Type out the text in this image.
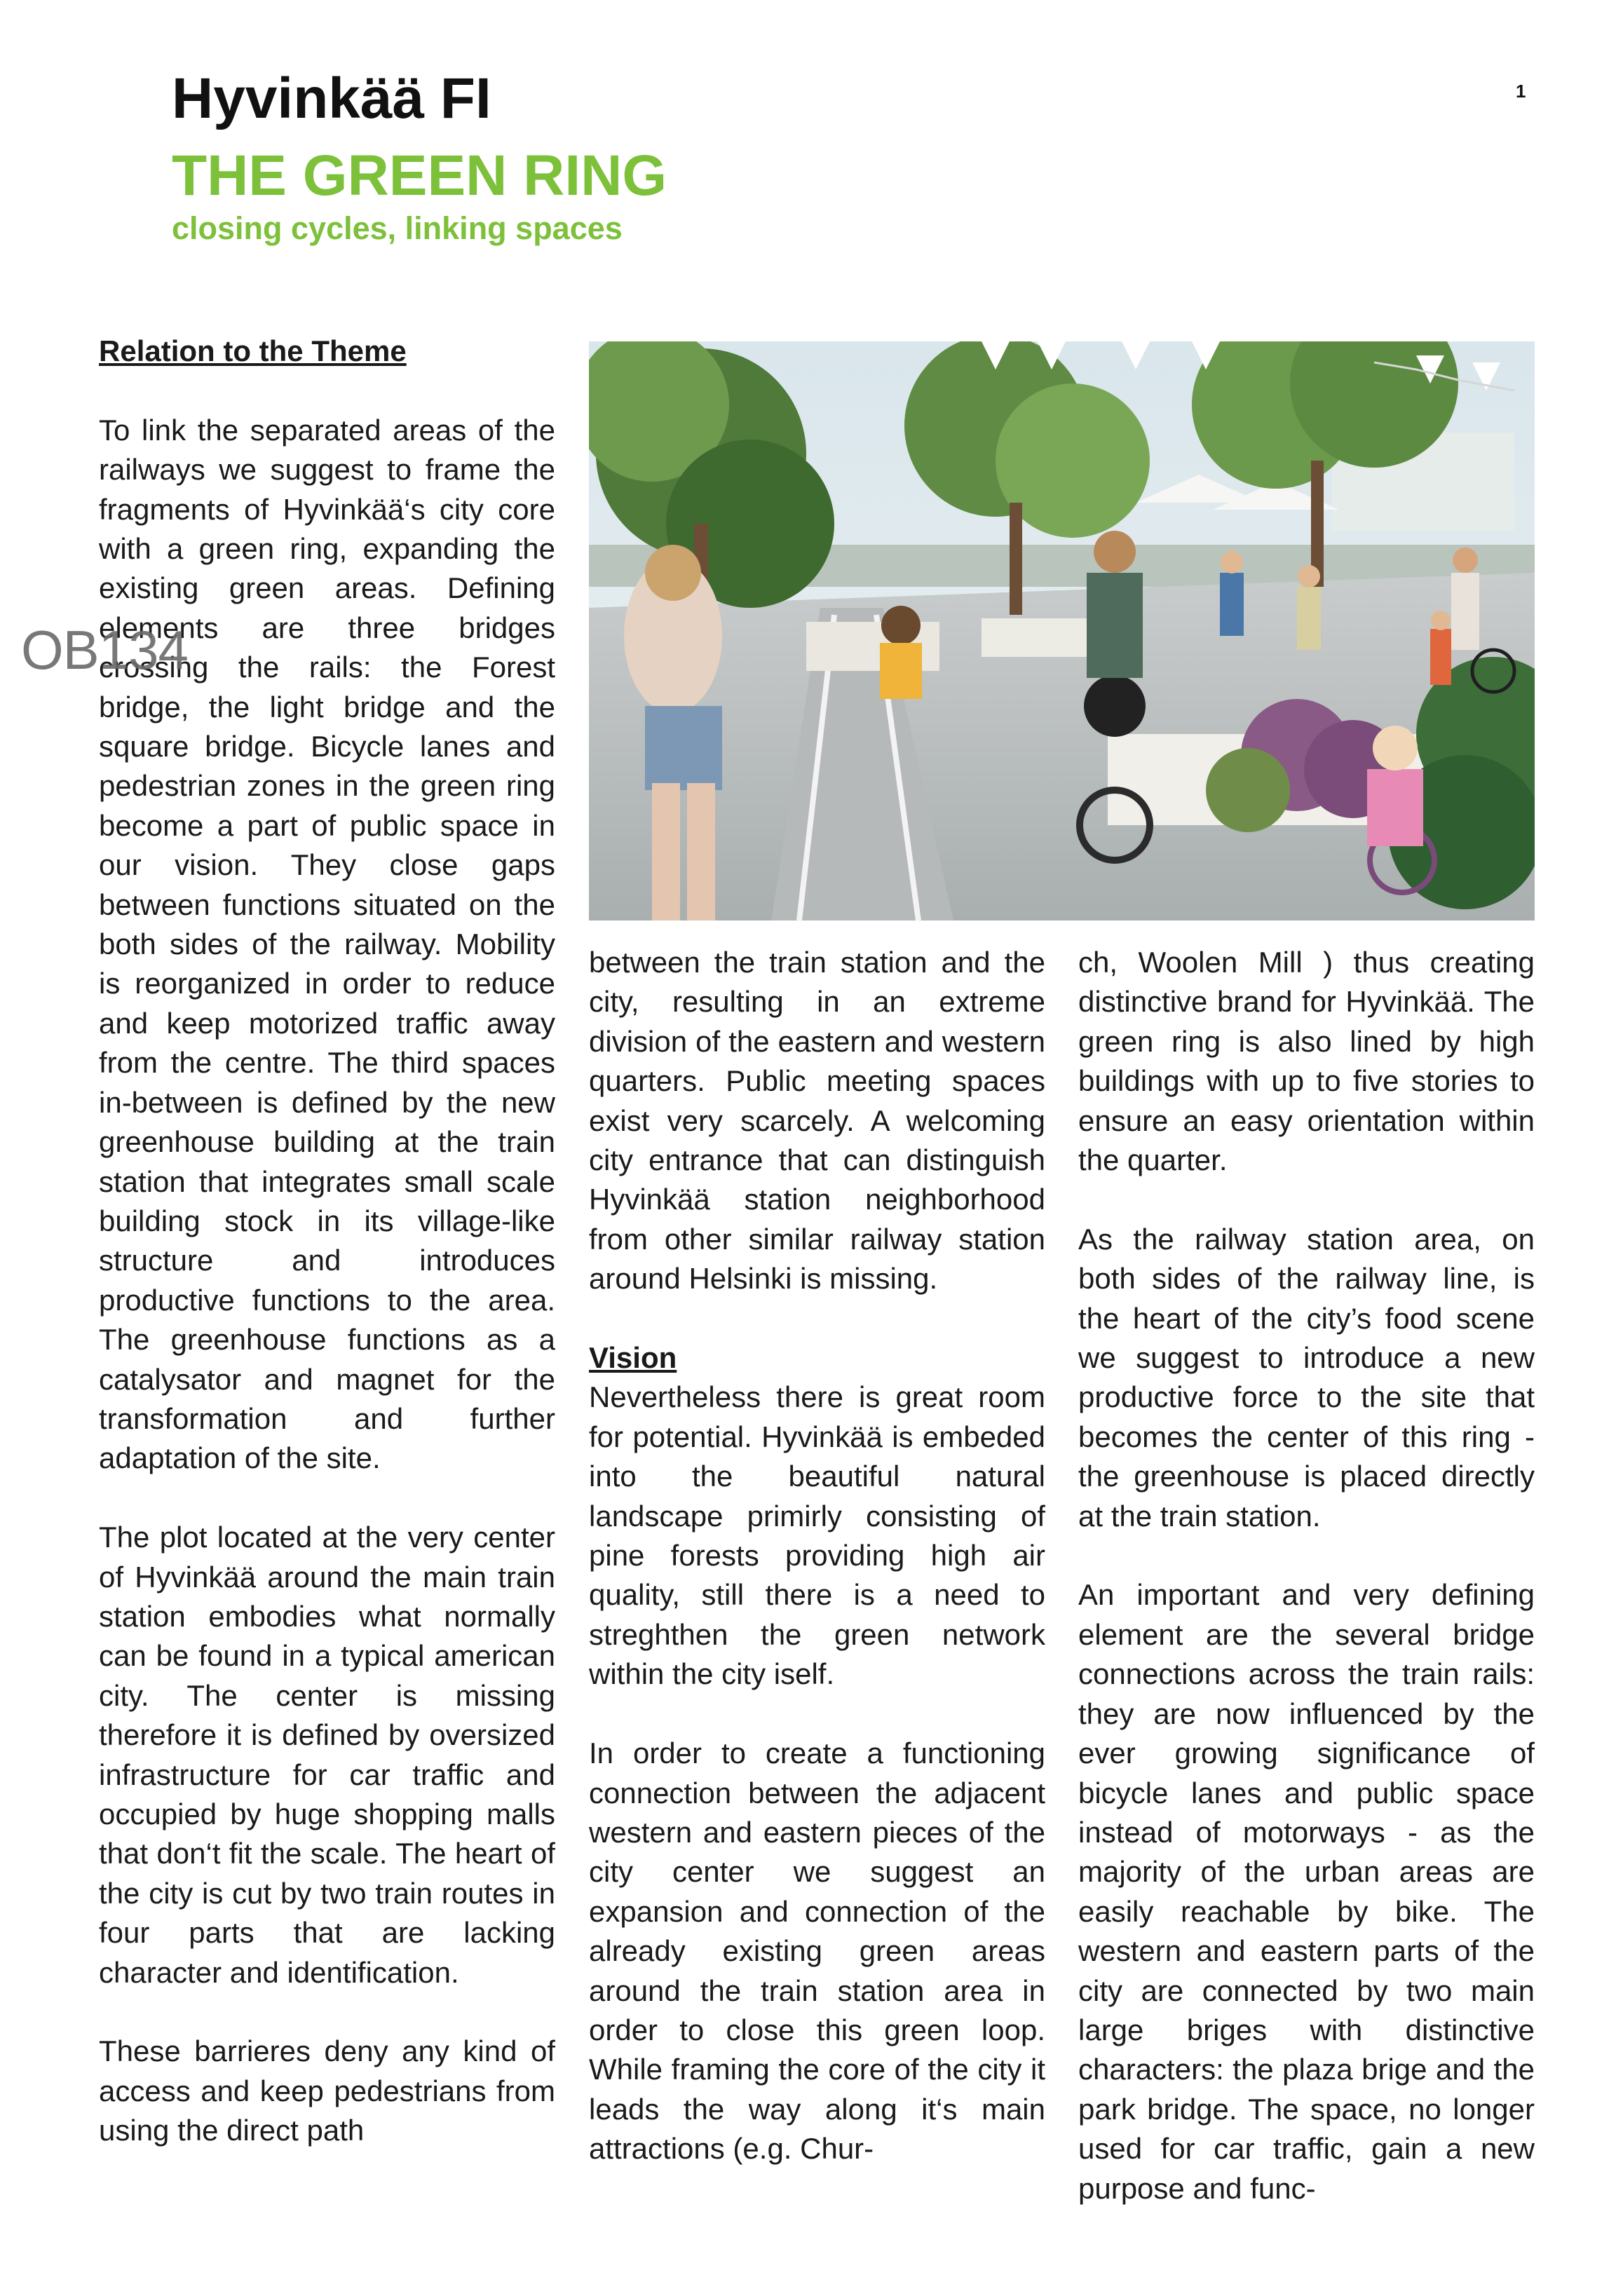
Hyvinkää FI
THE GREEN RING
closing cycles, linking spaces
1
OB134

Relation to the Theme

To link the separated areas of the railways we suggest to frame the fragments of Hyvinkää‘s city core with a green ring, expanding the existing green areas. Defining elements are three bridges crossing the rails: the Forest bridge, the light bridge and the square bridge. Bicycle lanes and pedestrian zones in the green ring become a part of public space in our vision. They close gaps between functions situated on the both sides of the railway. Mobility is reorganized in order to reduce and keep motorized traffic away from the centre. The third spaces in-between is defined by the new greenhouse building at the train station that integrates small scale building stock in its village-like structure and introduces productive functions to the area. The greenhouse functions as a catalysator and magnet for the transformation and further adaptation of the site.

The plot located at the very center of Hyvinkää around the main train station embodies what normally can be found in a typical american city. The center is missing therefore it is defined by oversized infrastructure for car traffic and occupied by huge shopping malls that don‘t fit the scale. The heart of the city is cut by two train routes in four parts that are lacking character and identification.

These barrieres deny any kind of access and keep pedestrians from using the direct path

between the train station and the city, resulting in an extreme division of the eastern and western quarters. Public meeting spaces exist very scarcely. A welcoming city entrance that can distinguish Hyvinkää station neighborhood from other similar railway station around Helsinki is missing.

Vision

Nevertheless there is great room for potential. Hyvinkää is embeded into the beautiful natural landscape primirly consisting of pine forests providing high air quality, still there is a need to streghthen the green network within the city iself.

In order to create a functioning connection between the adjacent western and eastern pieces of the city center we suggest an expansion and connection of the already existing green areas around the train station area in order to close this green loop. While framing the core of the city it leads the way along it‘s main attractions (e.g. Chur-

ch, Woolen Mill ) thus creating distinctive brand for Hyvinkää. The green ring is also lined by high buildings with up to five stories to ensure an easy orientation within the quarter.

As the railway station area, on both sides of the railway line, is the heart of the city’s food scene we suggest to introduce a new productive force to the site that becomes the center of this ring - the greenhouse is placed directly at the train station.

An important and very defining element are the several bridge connections across the train rails: they are now influenced by the ever growing significance of bicycle lanes and public space instead of motorways - as the majority of the urban areas are easily reachable by bike. The western and eastern parts of the city are connected by two main large briges with distinctive characters: the plaza brige and the park bridge. The space, no longer used for car traffic, gain a new purpose and func-
